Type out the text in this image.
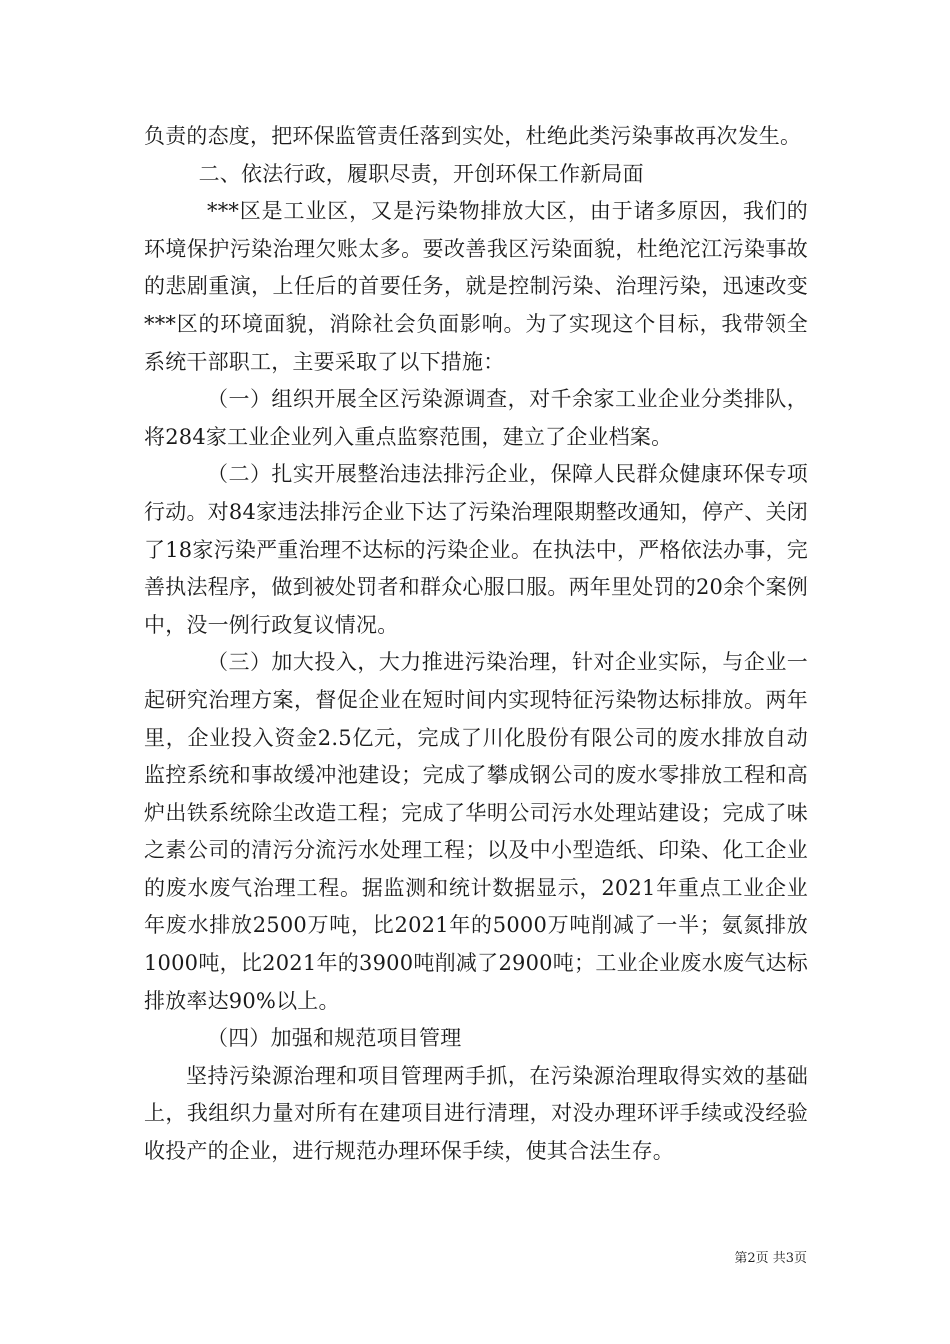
负责的态度，把环保监管责任落到实处，杜绝此类污染事故再次发生。

二、依法行政，履职尽责，开创环保工作新局面

***区是工业区，又是污染物排放大区，由于诸多原因，我们的环境保护污染治理欠账太多。要改善我区污染面貌，杜绝沱江污染事故的悲剧重演，上任后的首要任务，就是控制污染、治理污染，迅速改变***区的环境面貌，消除社会负面影响。为了实现这个目标，我带领全系统干部职工，主要采取了以下措施：

（一）组织开展全区污染源调查，对千余家工业企业分类排队，将284家工业企业列入重点监察范围，建立了企业档案。

（二）扎实开展整治违法排污企业，保障人民群众健康环保专项行动。对84家违法排污企业下达了污染治理限期整改通知，停产、关闭了18家污染严重治理不达标的污染企业。在执法中，严格依法办事，完善执法程序，做到被处罚者和群众心服口服。两年里处罚的20余个案例中，没一例行政复议情况。

（三）加大投入，大力推进污染治理，针对企业实际，与企业一起研究治理方案，督促企业在短时间内实现特征污染物达标排放。两年里，企业投入资金2.5亿元，完成了川化股份有限公司的废水排放自动监控系统和事故缓冲池建设；完成了攀成钢公司的废水零排放工程和高炉出铁系统除尘改造工程；完成了华明公司污水处理站建设；完成了味之素公司的清污分流污水处理工程；以及中小型造纸、印染、化工企业的废水废气治理工程。据监测和统计数据显示，2021年重点工业企业年废水排放2500万吨，比2021年的5000万吨削减了一半；氨氮排放1000吨，比2021年的3900吨削减了2900吨；工业企业废水废气达标排放率达90%以上。

（四）加强和规范项目管理

坚持污染源治理和项目管理两手抓，在污染源治理取得实效的基础上，我组织力量对所有在建项目进行清理，对没办理环评手续或没经验收投产的企业，进行规范办理环保手续，使其合法生存。

第2页 共3页
